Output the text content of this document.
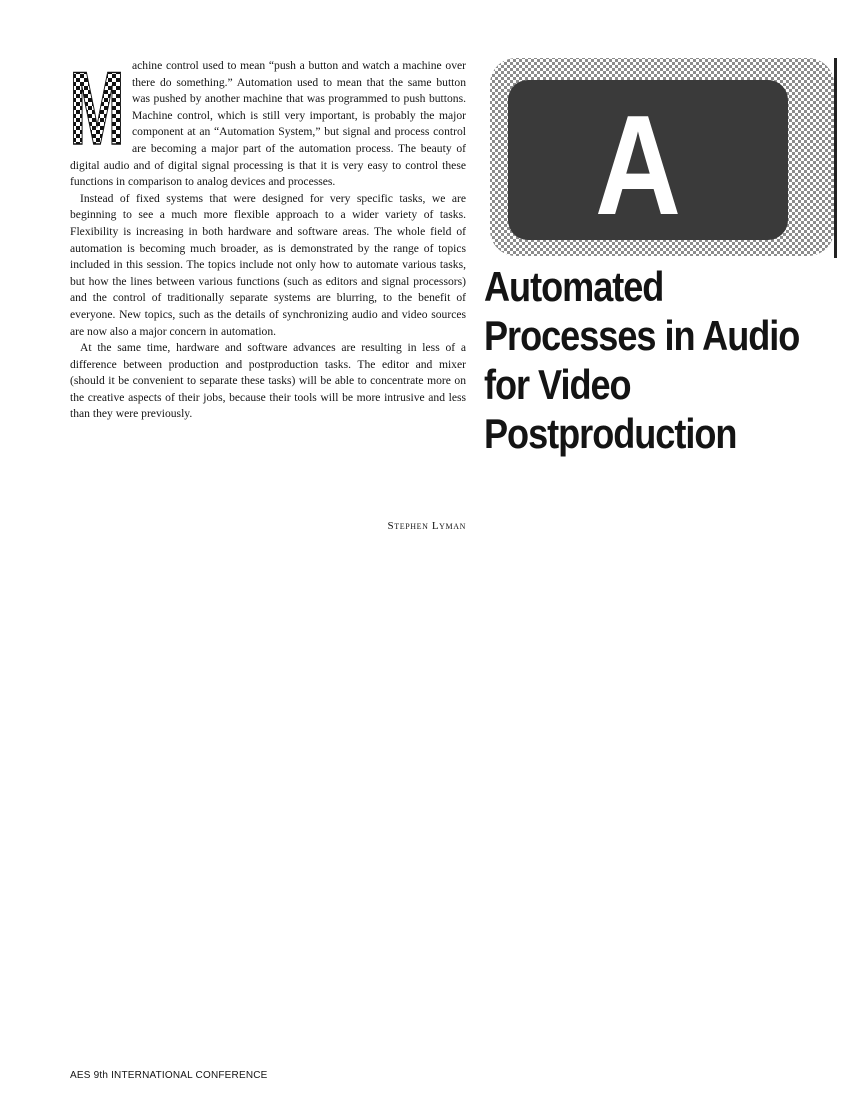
M achine control used to mean “push a button and watch a machine over there do something.” Automation used to mean that the same button was pushed by another machine that was programmed to push buttons. Machine control, which is still very important, is probably the major component at an “Automation System,” but signal and process control are becoming a major part of the automation process. The beauty of digital audio and of digital signal processing is that it is very easy to control these functions in comparison to analog devices and processes.

Instead of fixed systems that were designed for very specific tasks, we are beginning to see a much more flexible approach to a wider variety of tasks. Flexibility is increasing in both hardware and software areas. The whole field of automation is becoming much broader, as is demonstrated by the range of topics included in this session. The topics include not only how to automate various tasks, but how the lines between various functions (such as editors and signal processors) and the control of traditionally separate systems are blurring, to the benefit of everyone. New topics, such as the details of synchronizing audio and video sources are now also a major concern in automation.

At the same time, hardware and software advances are resulting in less of a difference between production and postproduction tasks. The editor and mixer (should it be convenient to separate these tasks) will be able to concentrate more on the creative aspects of their jobs, because their tools will be more intrusive and less than they were previously.

Stephen Lyman
A
Automated
Processes in Audio
for Video
Postproduction
AES 9th INTERNATIONAL CONFERENCE
